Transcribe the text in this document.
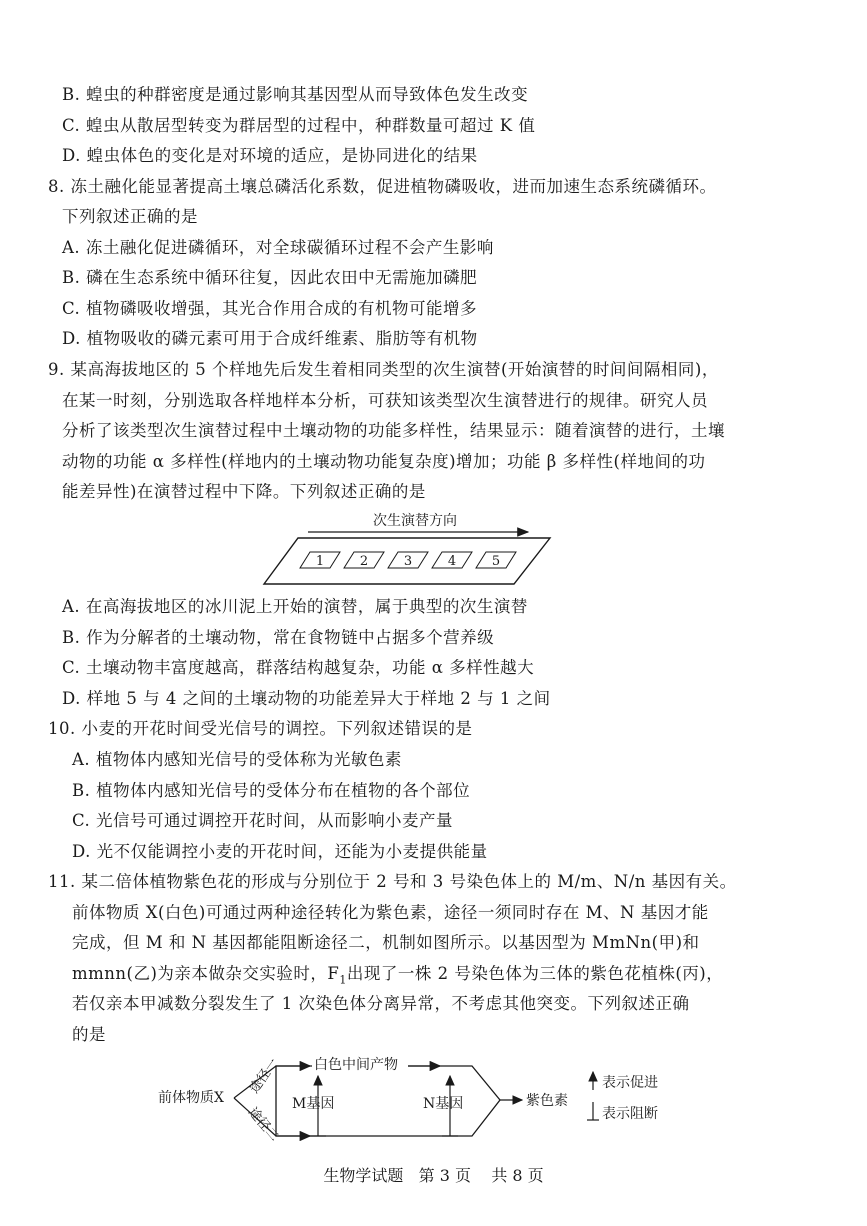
B. 蝗虫的种群密度是通过影响其基因型从而导致体色发生改变
C. 蝗虫从散居型转变为群居型的过程中，种群数量可超过 K 值
D. 蝗虫体色的变化是对环境的适应，是协同进化的结果
8. 冻土融化能显著提高土壤总磷活化系数，促进植物磷吸收，进而加速生态系统磷循环。
下列叙述正确的是
A. 冻土融化促进磷循环，对全球碳循环过程不会产生影响
B. 磷在生态系统中循环往复，因此农田中无需施加磷肥
C. 植物磷吸收增强，其光合作用合成的有机物可能增多
D. 植物吸收的磷元素可用于合成纤维素、脂肪等有机物
9. 某高海拔地区的 5 个样地先后发生着相同类型的次生演替(开始演替的时间间隔相同)，
在某一时刻，分别选取各样地样本分析，可获知该类型次生演替进行的规律。研究人员
分析了该类型次生演替过程中土壤动物的功能多样性，结果显示：随着演替的进行，土壤
动物的功能 α 多样性(样地内的土壤动物功能复杂度)增加；功能 β 多样性(样地间的功
能差异性)在演替过程中下降。下列叙述正确的是
次生演替方向
1	2	3	4	5
A. 在高海拔地区的冰川泥上开始的演替，属于典型的次生演替
B. 作为分解者的土壤动物，常在食物链中占据多个营养级
C. 土壤动物丰富度越高，群落结构越复杂，功能 α 多样性越大
D. 样地 5 与 4 之间的土壤动物的功能差异大于样地 2 与 1 之间
10. 小麦的开花时间受光信号的调控。下列叙述错误的是
A. 植物体内感知光信号的受体称为光敏色素
B. 植物体内感知光信号的受体分布在植物的各个部位
C. 光信号可通过调控开花时间，从而影响小麦产量
D. 光不仅能调控小麦的开花时间，还能为小麦提供能量
11. 某二倍体植物紫色花的形成与分别位于 2 号和 3 号染色体上的 M/m、N/n 基因有关。
前体物质 X(白色)可通过两种途径转化为紫色素，途径一须同时存在 M、N 基因才能
完成，但 M 和 N 基因都能阻断途径二，机制如图所示。以基因型为 MmNn(甲)和
mmnn(乙)为亲本做杂交实验时，$F_1$出现了一株 2 号染色体为三体的紫色花植株(丙)，
若仅亲本甲减数分裂发生了 1 次染色体分离异常，不考虑其他突变。下列叙述正确
的是
前体物质X
途径一
途径二
白色中间产物
M基因	N基因	紫色素
表示促进
表示阻断
生物学试题 第 3 页 共 8 页
